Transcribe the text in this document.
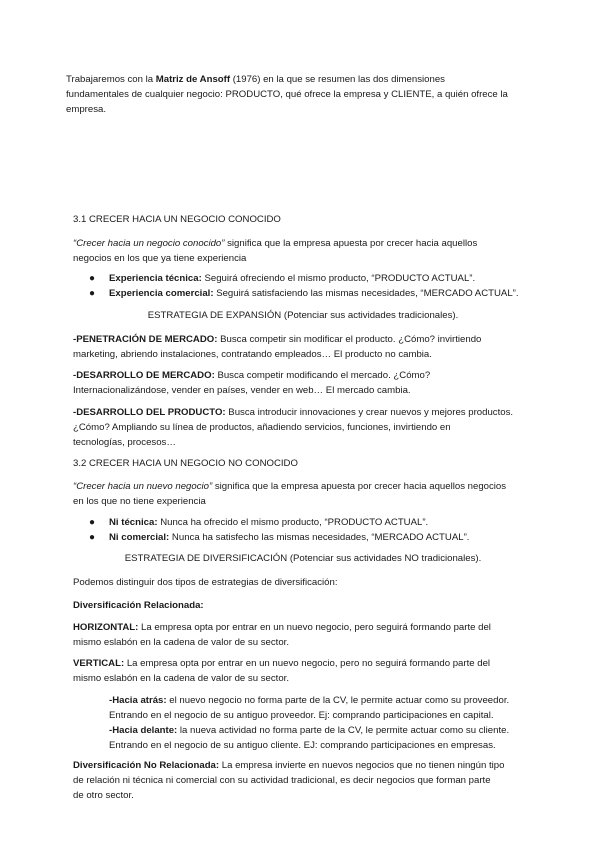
Trabajaremos con la Matriz de Ansoff (1976) en la que se resumen las dos dimensiones

fundamentales de cualquier negocio: PRODUCTO, qué ofrece la empresa y CLIENTE, a quién ofrece la

empresa.

3.1 CRECER HACIA UN NEGOCIO CONOCIDO

“Crecer hacia un negocio conocido” significa que la empresa apuesta por crecer hacia aquellos

negocios en los que ya tiene experiencia

● Experiencia técnica: Seguirá ofreciendo el mismo producto, “PRODUCTO ACTUAL”.
● Experiencia comercial: Seguirá satisfaciendo las mismas necesidades, “MERCADO ACTUAL”.

ESTRATEGIA DE EXPANSIÓN (Potenciar sus actividades tradicionales).

-PENETRACIÓN DE MERCADO: Busca competir sin modificar el producto. ¿Cómo? invirtiendo

marketing, abriendo instalaciones, contratando empleados… El producto no cambia.

-DESARROLLO DE MERCADO: Busca competir modificando el mercado. ¿Cómo?

Internacionalizándose, vender en países, vender en web… El mercado cambia.

-DESARROLLO DEL PRODUCTO: Busca introducir innovaciones y crear nuevos y mejores productos.

¿Cómo? Ampliando su línea de productos, añadiendo servicios, funciones, invirtiendo en

tecnologías, procesos…

3.2 CRECER HACIA UN NEGOCIO NO CONOCIDO

“Crecer hacia un nuevo negocio” significa que la empresa apuesta por crecer hacia aquellos negocios

en los que no tiene experiencia

● Ni técnica: Nunca ha ofrecido el mismo producto, “PRODUCTO ACTUAL”.
● Ni comercial: Nunca ha satisfecho las mismas necesidades, “MERCADO ACTUAL”.

ESTRATEGIA DE DIVERSIFICACIÓN (Potenciar sus actividades NO tradicionales).

Podemos distinguir dos tipos de estrategias de diversificación:

Diversificación Relacionada:

HORIZONTAL: La empresa opta por entrar en un nuevo negocio, pero seguirá formando parte del

mismo eslabón en la cadena de valor de su sector.

VERTICAL: La empresa opta por entrar en un nuevo negocio, pero no seguirá formando parte del

mismo eslabón en la cadena de valor de su sector.

-Hacia atrás: el nuevo negocio no forma parte de la CV, le permite actuar como su proveedor.

Entrando en el negocio de su antiguo proveedor. Ej: comprando participaciones en capital.

-Hacia delante: la nueva actividad no forma parte de la CV, le permite actuar como su cliente.

Entrando en el negocio de su antiguo cliente. EJ: comprando participaciones en empresas.

Diversificación No Relacionada: La empresa invierte en nuevos negocios que no tienen ningún tipo

de relación ni técnica ni comercial con su actividad tradicional, es decir negocios que forman parte

de otro sector.
